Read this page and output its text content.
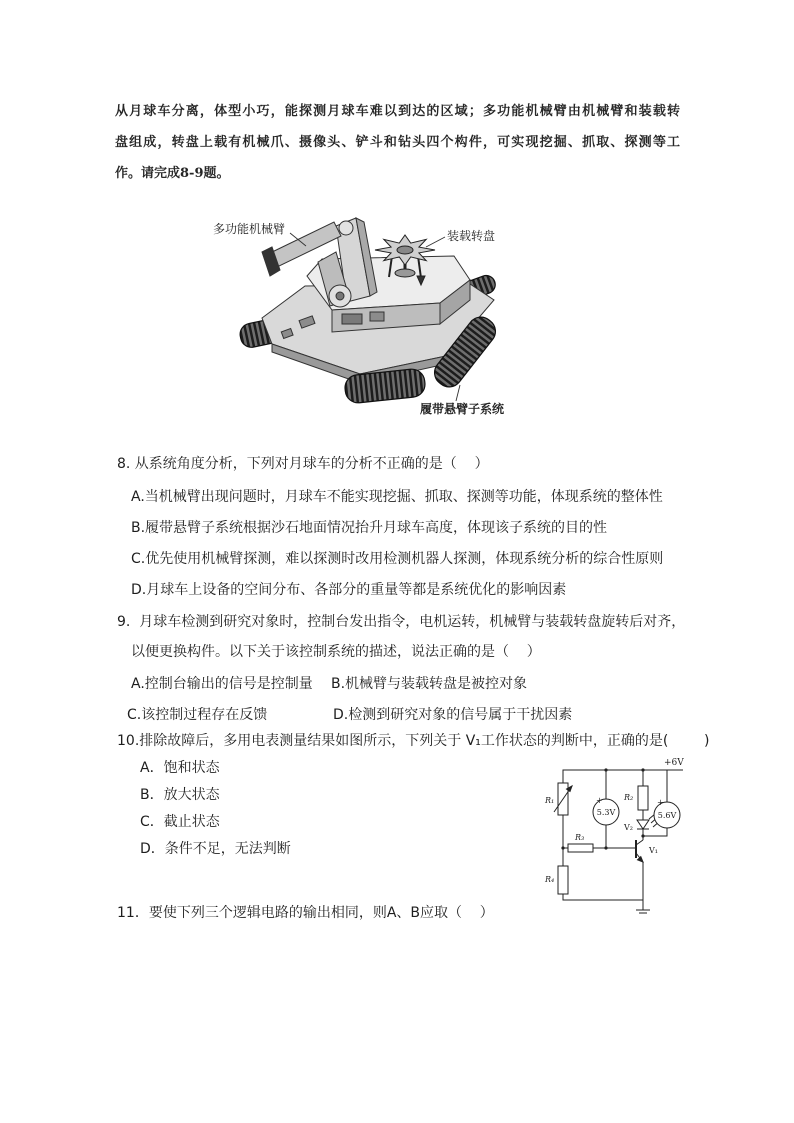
从月球车分离，体型小巧，能探测月球车难以到达的区域；多功能机械臂由机械臂和装载转
盘组成，转盘上载有机械爪、摄像头、铲斗和钻头四个构件，可实现挖掘、抓取、探测等工
作。请完成8-9题。
多功能机械臂	装载转盘
履带悬臂子系统
8. 从系统角度分析，下列对月球车的分析不正确的是（    ）
A.当机械臂出现问题时，月球车不能实现挖掘、抓取、探测等功能，体现系统的整体性
B.履带悬臂子系统根据沙石地面情况抬升月球车高度，体现该子系统的目的性
C.优先使用机械臂探测，难以探测时改用检测机器人探测，体现系统分析的综合性原则
D.月球车上设备的空间分布、各部分的重量等都是系统优化的影响因素
9.  月球车检测到研究对象时，控制台发出指令，电机运转，机械臂与装载转盘旋转后对齐，
以便更换构件。以下关于该控制系统的描述，说法正确的是（    ）
A.控制台输出的信号是控制量 B.机械臂与装载转盘是被控对象
C.该控制过程存在反馈	D.检测到研究对象的信号属于干扰因素
10.排除故障后，多用电表测量结果如图所示，下列关于 V₁工作状态的判断中，正确的是(        )
A．饱和状态
B．放大状态
C．截止状态
D．条件不足，无法判断
+6V
R₁	+
5.3V
R₂
V₂
+
5.6V
R₃
V₁
R₄
11．要使下列三个逻辑电路的输出相同，则A、B应取（    ）
